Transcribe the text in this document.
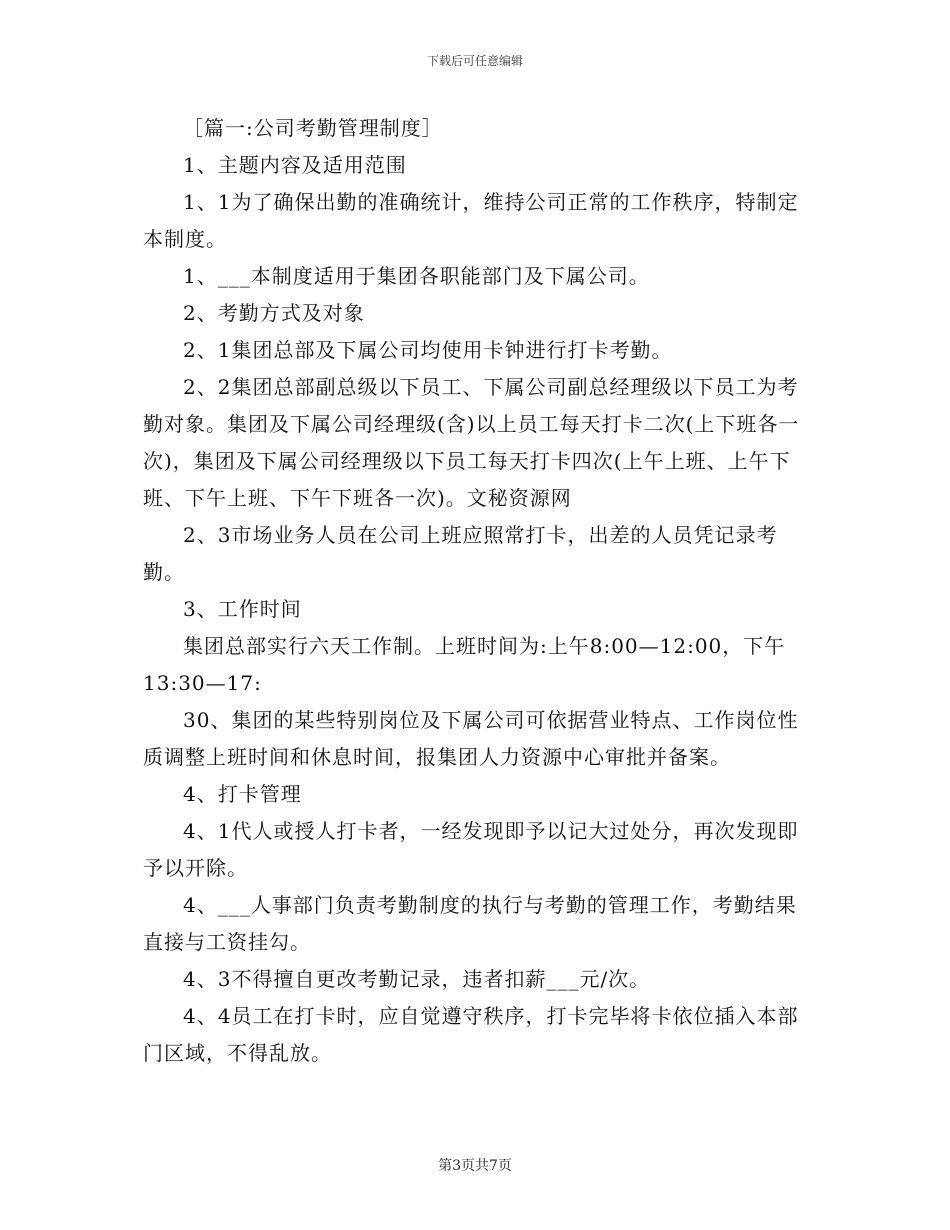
下载后可任意编辑

［篇一:公司考勤管理制度］

1、主题内容及适用范围

1、1为了确保出勤的准确统计，维持公司正常的工作秩序，特制定本制度。

1、___本制度适用于集团各职能部门及下属公司。

2、考勤方式及对象

2、1集团总部及下属公司均使用卡钟进行打卡考勤。

2、2集团总部副总级以下员工、下属公司副总经理级以下员工为考勤对象。集团及下属公司经理级(含)以上员工每天打卡二次(上下班各一次)，集团及下属公司经理级以下员工每天打卡四次(上午上班、上午下班、下午上班、下午下班各一次)。文秘资源网

2、3市场业务人员在公司上班应照常打卡，出差的人员凭记录考勤。

3、工作时间

集团总部实行六天工作制。上班时间为:上午8:00—12:00，下午13:30—17:

30、集团的某些特别岗位及下属公司可依据营业特点、工作岗位性质调整上班时间和休息时间，报集团人力资源中心审批并备案。

4、打卡管理

4、1代人或授人打卡者，一经发现即予以记大过处分，再次发现即予以开除。

4、___人事部门负责考勤制度的执行与考勤的管理工作，考勤结果直接与工资挂勾。

4、3不得擅自更改考勤记录，违者扣薪___元/次。

4、4员工在打卡时，应自觉遵守秩序，打卡完毕将卡依位插入本部门区域，不得乱放。

第3页共7页
